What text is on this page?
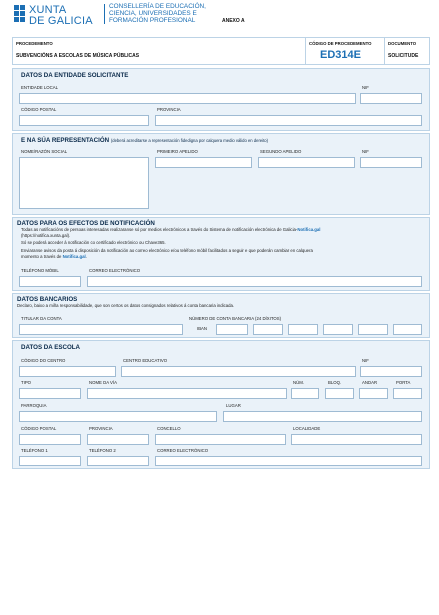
XUNTA
DE GALICIA
CONSELLERÍA DE EDUCACIÓN,
CIENCIA, UNIVERSIDADES E
FORMACIÓN PROFESIONAL	ANEXO A
PROCEDEMENTO
SUBVENCIÓNS A ESCOLAS DE MÚSICA PÚBLICAS
CÓDIGO DE PROCEDEMENTO
ED314E
DOCUMENTO
SOLICITUDE
DATOS DA ENTIDADE SOLICITANTE
ENTIDADE LOCAL	NIF
CÓDIGO POSTAL	PROVINCIA
E NA SÚA REPRESENTACIÓN (deberá acreditarse a representación fidedigna por calquera medio válido en dereito)
NOME/RAZÓN SOCIAL	PRIMEIRO APELIDO	SEGUNDO APELIDO	NIF
DATOS PARA OS EFECTOS DE NOTIFICACIÓN
Todas as notificacións de persoas interesadas realizaranse só por medios electrónicos a través do Sistema de notificación electrónica de Galicia-Notifica.gal
(https://notifica.xunta.gal).
Só se poderá acceder á notificación co certificado electrónico ou Chave365.
Enviaranse avisos da posta á disposición da notificación ao correo electrónico e/ou teléfono móbil facilitados a seguir e que poderán cambiar en calquera
momento a través de Notifica.gal.
TELÉFONO MÓBIL	CORREO ELECTRÓNICO
DATOS BANCARIOS
Declaro, baixo a miña responsabilidade, que son certos os datos consignados relativos á conta bancaria indicada.
TITULAR DA CONTA	NÚMERO DE CONTA BANCARIA (24 DÍXITOS)
IBAN
DATOS DA ESCOLA
CÓDIGO DO CENTRO	CENTRO EDUCATIVO	NIF
TIPO	NOME DA VÍA	NÚM.	BLOQ.	ANDAR	PORTA
PARROQUIA	LUGAR
CÓDIGO POSTAL	PROVINCIA	CONCELLO	LOCALIDADE
TELÉFONO 1	TELÉFONO 2	CORREO ELECTRÓNICO
